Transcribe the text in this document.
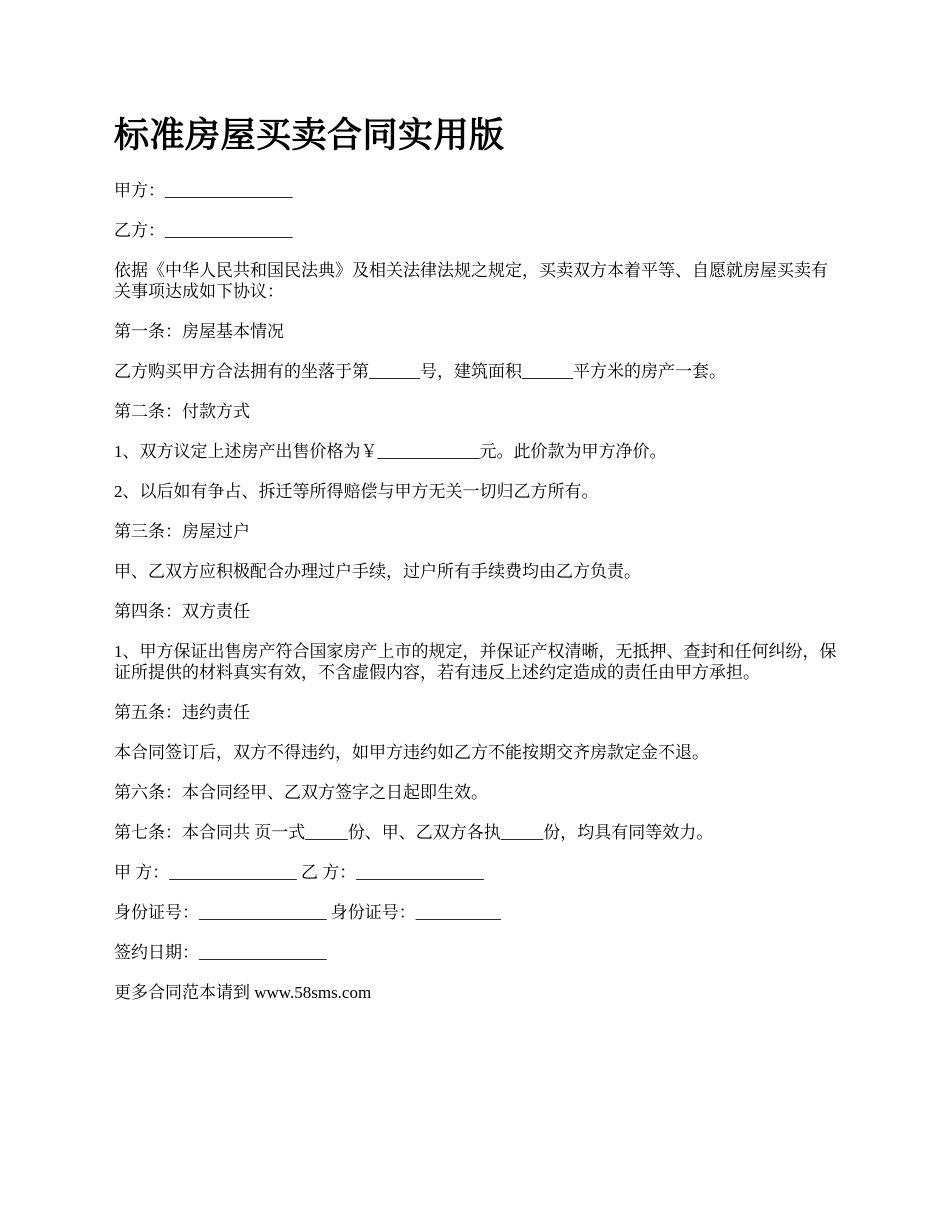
标准房屋买卖合同实用版

甲方：_______________

乙方：_______________

依据《中华人民共和国民法典》及相关法律法规之规定，买卖双方本着平等、自愿就房屋买卖有关事项达成如下协议：

第一条：房屋基本情况

乙方购买甲方合法拥有的坐落于第______号，建筑面积______平方米的房产一套。

第二条：付款方式

1、双方议定上述房产出售价格为￥____________元。此价款为甲方净价。

2、以后如有争占、拆迁等所得赔偿与甲方无关一切归乙方所有。

第三条：房屋过户

甲、乙双方应积极配合办理过户手续，过户所有手续费均由乙方负责。

第四条：双方责任

1、甲方保证出售房产符合国家房产上市的规定，并保证产权清晰，无抵押、查封和任何纠纷，保证所提供的材料真实有效，不含虚假内容，若有违反上述约定造成的责任由甲方承担。

第五条：违约责任

本合同签订后，双方不得违约，如甲方违约如乙方不能按期交齐房款定金不退。

第六条：本合同经甲、乙双方签字之日起即生效。

第七条：本合同共 页一式_____份、甲、乙双方各执_____份，均具有同等效力。

甲 方：_______________ 乙 方：_______________

身份证号：_______________ 身份证号：__________

签约日期：_______________

更多合同范本请到 www.58sms.com
